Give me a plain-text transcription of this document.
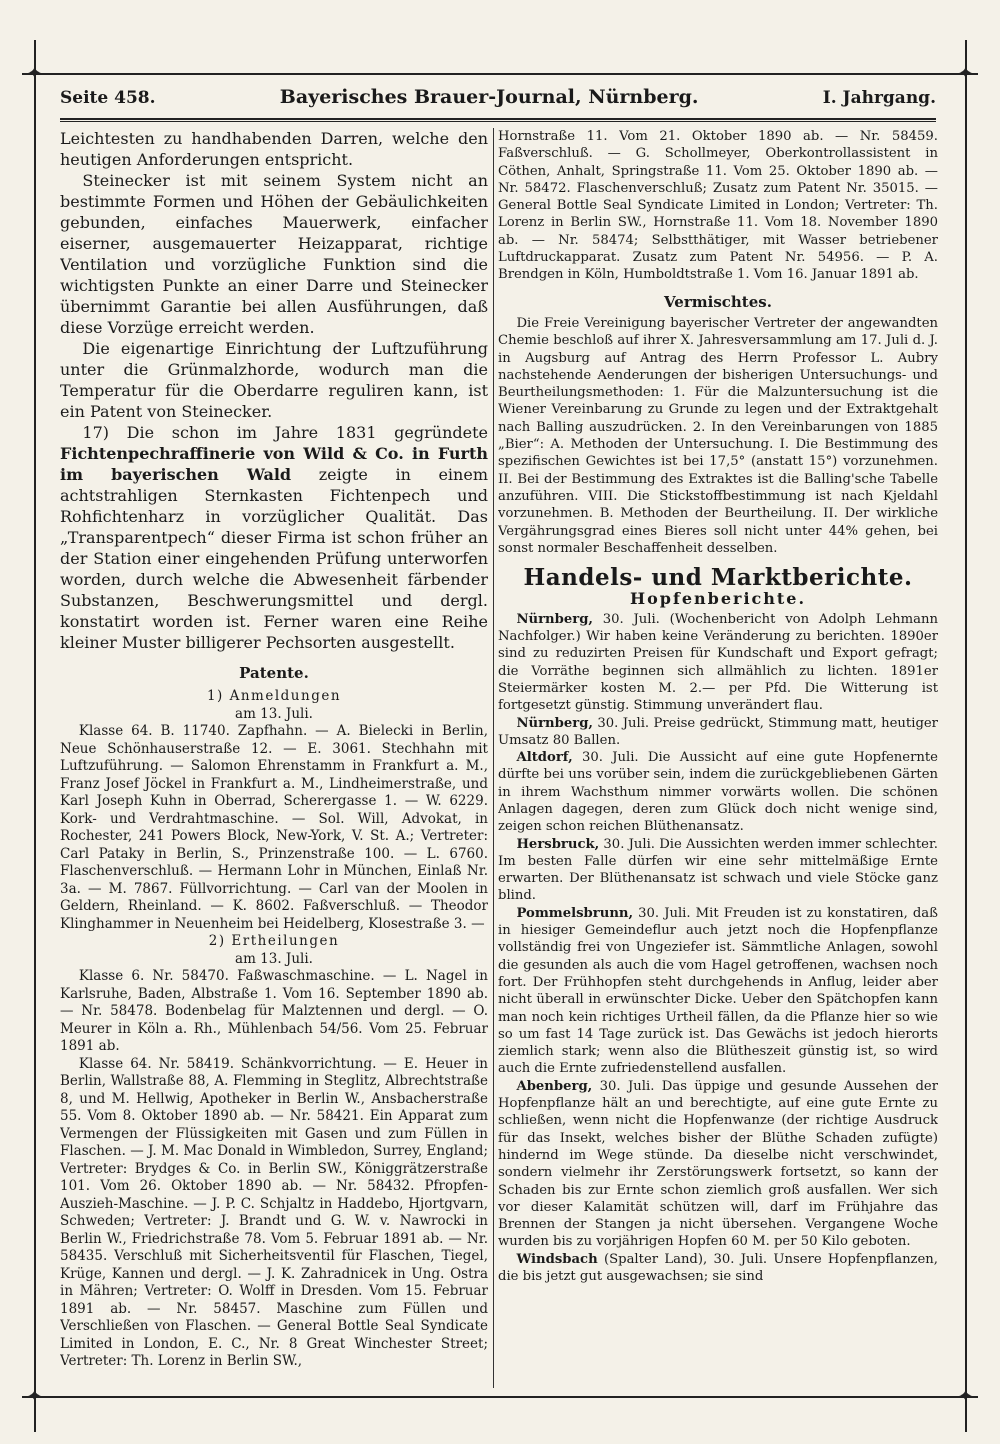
✦	✦
✦	✦
Seite 458.	Bayerisches Brauer-Journal, Nürnberg.	I. Jahrgang.

Leichtesten zu handhabenden Darren, welche den heutigen Anforderungen entspricht.

Steinecker ist mit seinem System nicht an bestimmte Formen und Höhen der Gebäulichkeiten gebunden, einfaches Mauerwerk, einfacher eiserner, ausgemauerter Heizapparat, richtige Ventilation und vorzügliche Funktion sind die wichtigsten Punkte an einer Darre und Steinecker übernimmt Garantie bei allen Ausführungen, daß diese Vorzüge erreicht werden.

Die eigenartige Einrichtung der Luftzuführung unter die Grünmalzhorde, wodurch man die Temperatur für die Oberdarre reguliren kann, ist ein Patent von Steinecker.

17) Die schon im Jahre 1831 gegründete Fichtenpechraffinerie von Wild & Co. in Furth im bayerischen Wald zeigte in einem achtstrahligen Sternkasten Fichtenpech und Rohfichtenharz in vorzüglicher Qualität. Das „Transparentpech“ dieser Firma ist schon früher an der Station einer eingehenden Prüfung unterworfen worden, durch welche die Abwesenheit färbender Substanzen, Beschwerungsmittel und dergl. konstatirt worden ist. Ferner waren eine Reihe kleiner Muster billigerer Pechsorten ausgestellt.

Patente.
1) Anmeldungen
am 13. Juli.

Klasse 64. B. 11740. Zapfhahn. — A. Bielecki in Berlin, Neue Schönhauserstraße 12. — E. 3061. Stechhahn mit Luftzuführung. — Salomon Ehrenstamm in Frankfurt a. M., Franz Josef Jöckel in Frankfurt a. M., Lindheimerstraße, und Karl Joseph Kuhn in Oberrad, Scherergasse 1. — W. 6229. Kork- und Verdrahtmaschine. — Sol. Will, Advokat, in Rochester, 241 Powers Block, New-York, V. St. A.; Vertreter: Carl Pataky in Berlin, S., Prinzenstraße 100. — L. 6760. Flaschenverschluß. — Hermann Lohr in München, Einlaß Nr. 3a. — M. 7867. Füllvorrichtung. — Carl van der Moolen in Geldern, Rheinland. — K. 8602. Faßverschluß. — Theodor Klinghammer in Neuenheim bei Heidelberg, Klosestraße 3. —

2) Ertheilungen
am 13. Juli.

Klasse 6. Nr. 58470. Faßwaschmaschine. — L. Nagel in Karlsruhe, Baden, Albstraße 1. Vom 16. September 1890 ab. — Nr. 58478. Bodenbelag für Malztennen und dergl. — O. Meurer in Köln a. Rh., Mühlenbach 54/56. Vom 25. Februar 1891 ab.

Klasse 64. Nr. 58419. Schänkvorrichtung. — E. Heuer in Berlin, Wallstraße 88, A. Flemming in Steglitz, Albrechtstraße 8, und M. Hellwig, Apotheker in Berlin W., Ansbacherstraße 55. Vom 8. Oktober 1890 ab. — Nr. 58421. Ein Apparat zum Vermengen der Flüssigkeiten mit Gasen und zum Füllen in Flaschen. — J. M. Mac Donald in Wimbledon, Surrey, England; Vertreter: Brydges & Co. in Berlin SW., Königgrätzerstraße 101. Vom 26. Oktober 1890 ab. — Nr. 58432. Pfropfen-Auszieh-Maschine. — J. P. C. Schjaltz in Haddebo, Hjortgvarn, Schweden; Vertreter: J. Brandt und G. W. v. Nawrocki in Berlin W., Friedrichstraße 78. Vom 5. Februar 1891 ab. — Nr. 58435. Verschluß mit Sicherheitsventil für Flaschen, Tiegel, Krüge, Kannen und dergl. — J. K. Zahradnicek in Ung. Ostra in Mähren; Vertreter: O. Wolff in Dresden. Vom 15. Februar 1891 ab. — Nr. 58457. Maschine zum Füllen und Verschließen von Flaschen. — General Bottle Seal Syndicate Limited in London, E. C., Nr. 8 Great Winchester Street; Vertreter: Th. Lorenz in Berlin SW.,

Hornstraße 11. Vom 21. Oktober 1890 ab. — Nr. 58459. Faßverschluß. — G. Schollmeyer, Oberkontrollassistent in Cöthen, Anhalt, Springstraße 11. Vom 25. Oktober 1890 ab. — Nr. 58472. Flaschenverschluß; Zusatz zum Patent Nr. 35015. — General Bottle Seal Syndicate Limited in London; Vertreter: Th. Lorenz in Berlin SW., Hornstraße 11. Vom 18. November 1890 ab. — Nr. 58474; Selbstthätiger, mit Wasser betriebener Luftdruckapparat. Zusatz zum Patent Nr. 54956. — P. A. Brendgen in Köln, Humboldtstraße 1. Vom 16. Januar 1891 ab.

Vermischtes.

Die Freie Vereinigung bayerischer Vertreter der angewandten Chemie beschloß auf ihrer X. Jahresversammlung am 17. Juli d. J. in Augsburg auf Antrag des Herrn Professor L. Aubry nachstehende Aenderungen der bisherigen Untersuchungs- und Beurtheilungsmethoden: 1. Für die Malzuntersuchung ist die Wiener Vereinbarung zu Grunde zu legen und der Extraktgehalt nach Balling auszudrücken. 2. In den Vereinbarungen von 1885 „Bier“: A. Methoden der Untersuchung. I. Die Bestimmung des spezifischen Gewichtes ist bei 17,5° (anstatt 15°) vorzunehmen. II. Bei der Bestimmung des Extraktes ist die Balling'sche Tabelle anzuführen. VIII. Die Stickstoffbestimmung ist nach Kjeldahl vorzunehmen. B. Methoden der Beurtheilung. II. Der wirkliche Vergährungsgrad eines Bieres soll nicht unter 44% gehen, bei sonst normaler Beschaffenheit desselben.

Handels- und Marktberichte.
Hopfenberichte.

Nürnberg, 30. Juli. (Wochenbericht von Adolph Lehmann Nachfolger.) Wir haben keine Veränderung zu berichten. 1890er sind zu reduzirten Preisen für Kundschaft und Export gefragt; die Vorräthe beginnen sich allmählich zu lichten. 1891er Steiermärker kosten M. 2.— per Pfd. Die Witterung ist fortgesetzt günstig. Stimmung unverändert flau.

Nürnberg, 30. Juli. Preise gedrückt, Stimmung matt, heutiger Umsatz 80 Ballen.

Altdorf, 30. Juli. Die Aussicht auf eine gute Hopfenernte dürfte bei uns vorüber sein, indem die zurückgebliebenen Gärten in ihrem Wachsthum nimmer vorwärts wollen. Die schönen Anlagen dagegen, deren zum Glück doch nicht wenige sind, zeigen schon reichen Blüthenansatz.

Hersbruck, 30. Juli. Die Aussichten werden immer schlechter. Im besten Falle dürfen wir eine sehr mittelmäßige Ernte erwarten. Der Blüthenansatz ist schwach und viele Stöcke ganz blind.

Pommelsbrunn, 30. Juli. Mit Freuden ist zu konstatiren, daß in hiesiger Gemeindeflur auch jetzt noch die Hopfenpflanze vollständig frei von Ungeziefer ist. Sämmtliche Anlagen, sowohl die gesunden als auch die vom Hagel getroffenen, wachsen noch fort. Der Frühhopfen steht durchgehends in Anflug, leider aber nicht überall in erwünschter Dicke. Ueber den Spätchopfen kann man noch kein richtiges Urtheil fällen, da die Pflanze hier so wie so um fast 14 Tage zurück ist. Das Gewächs ist jedoch hierorts ziemlich stark; wenn also die Blütheszeit günstig ist, so wird auch die Ernte zufriedenstellend ausfallen.

Abenberg, 30. Juli. Das üppige und gesunde Aussehen der Hopfenpflanze hält an und berechtigte, auf eine gute Ernte zu schließen, wenn nicht die Hopfenwanze (der richtige Ausdruck für das Insekt, welches bisher der Blüthe Schaden zufügte) hindernd im Wege stünde. Da dieselbe nicht verschwindet, sondern vielmehr ihr Zerstörungswerk fortsetzt, so kann der Schaden bis zur Ernte schon ziemlich groß ausfallen. Wer sich vor dieser Kalamität schützen will, darf im Frühjahre das Brennen der Stangen ja nicht übersehen. Vergangene Woche wurden bis zu vorjährigen Hopfen 60 M. per 50 Kilo geboten.

Windsbach (Spalter Land), 30. Juli. Unsere Hopfenpflanzen, die bis jetzt gut ausgewachsen; sie sind
